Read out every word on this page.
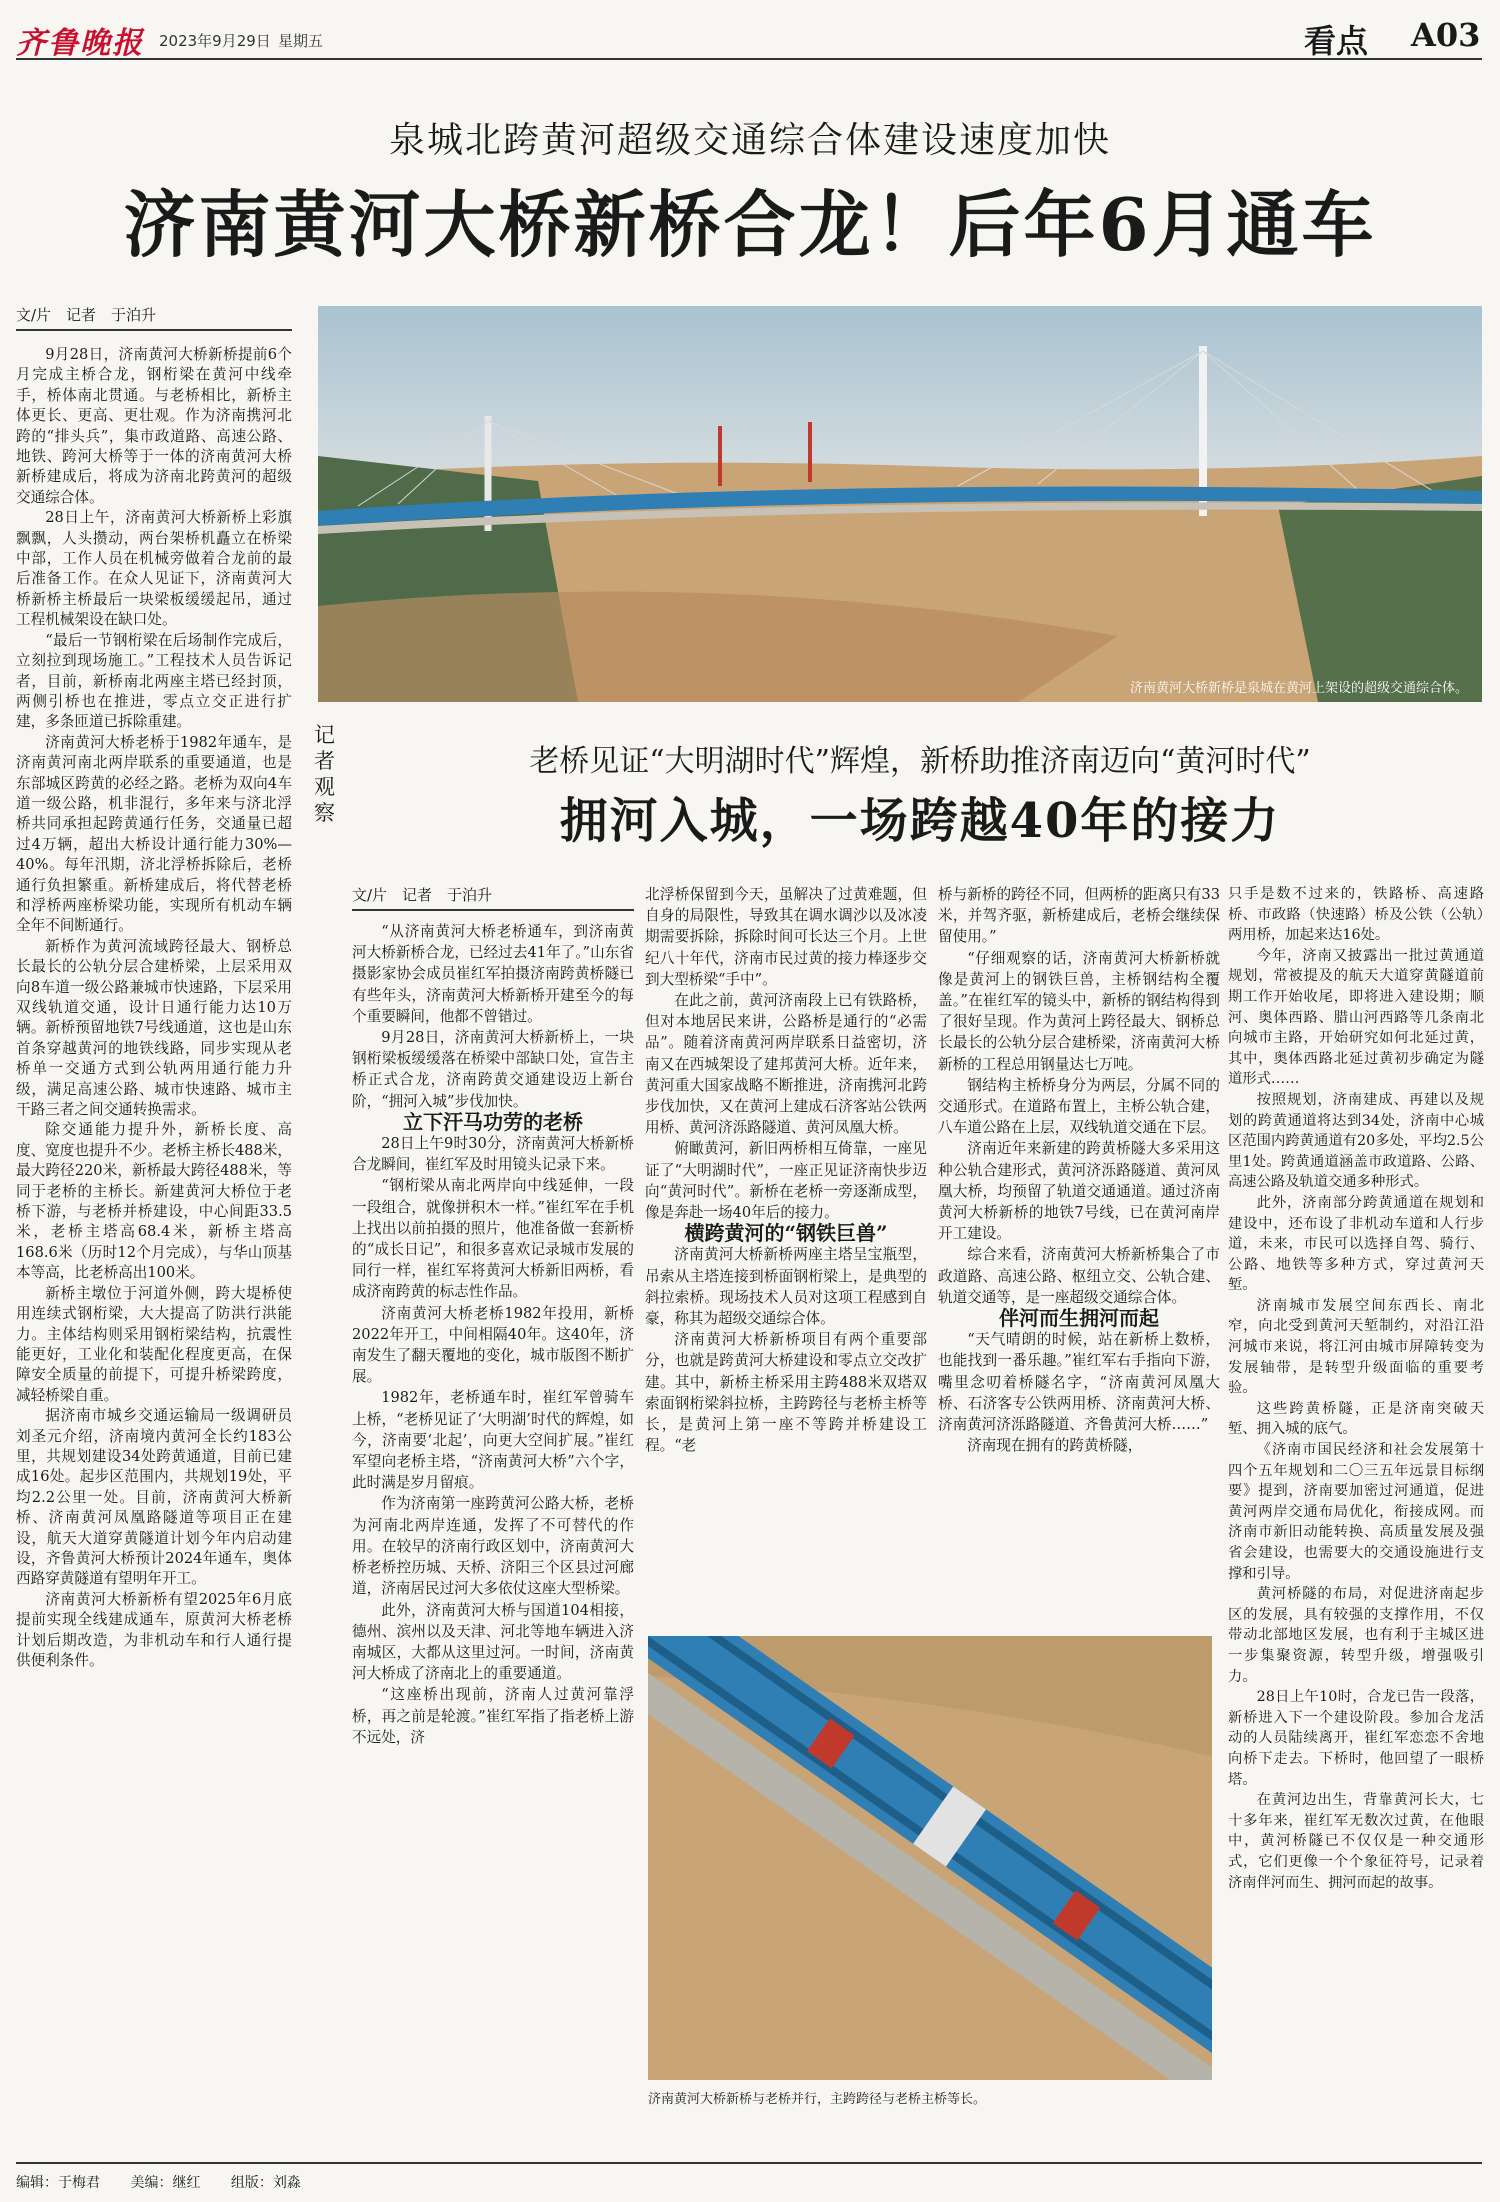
齐鲁晚报 2023年9月29日 星期五	看点 A03
泉城北跨黄河超级交通综合体建设速度加快
济南黄河大桥新桥合龙！后年6月通车
文/片　记者　于泊升

9月28日，济南黄河大桥新桥提前6个月完成主桥合龙，钢桁梁在黄河中线牵手，桥体南北贯通。与老桥相比，新桥主体更长、更高、更壮观。作为济南携河北跨的“排头兵”，集市政道路、高速公路、地铁、跨河大桥等于一体的济南黄河大桥新桥建成后，将成为济南北跨黄河的超级交通综合体。

28日上午，济南黄河大桥新桥上彩旗飘飘，人头攒动，两台架桥机矗立在桥梁中部，工作人员在机械旁做着合龙前的最后准备工作。在众人见证下，济南黄河大桥新桥主桥最后一块梁板缓缓起吊，通过工程机械架设在缺口处。

“最后一节钢桁梁在后场制作完成后，立刻拉到现场施工。”工程技术人员告诉记者，目前，新桥南北两座主塔已经封顶，两侧引桥也在推进，零点立交正进行扩建，多条匝道已拆除重建。

济南黄河大桥老桥于1982年通车，是济南黄河南北两岸联系的重要通道，也是东部城区跨黄的必经之路。老桥为双向4车道一级公路，机非混行，多年来与济北浮桥共同承担起跨黄通行任务，交通量已超过4万辆，超出大桥设计通行能力30%—40%。每年汛期，济北浮桥拆除后，老桥通行负担繁重。新桥建成后，将代替老桥和浮桥两座桥梁功能，实现所有机动车辆全年不间断通行。

新桥作为黄河流域跨径最大、钢桥总长最长的公轨分层合建桥梁，上层采用双向8车道一级公路兼城市快速路，下层采用双线轨道交通，设计日通行能力达10万辆。新桥预留地铁7号线通道，这也是山东首条穿越黄河的地铁线路，同步实现从老桥单一交通方式到公轨两用通行能力升级，满足高速公路、城市快速路、城市主干路三者之间交通转换需求。

除交通能力提升外，新桥长度、高度、宽度也提升不少。老桥主桥长488米，最大跨径220米，新桥最大跨径488米，等同于老桥的主桥长。新建黄河大桥位于老桥下游，与老桥并桥建设，中心间距33.5米，老桥主塔高68.4米，新桥主塔高168.6米（历时12个月完成），与华山顶基本等高，比老桥高出100米。

新桥主墩位于河道外侧，跨大堤桥使用连续式钢桁梁，大大提高了防洪行洪能力。主体结构则采用钢桁梁结构，抗震性能更好，工业化和装配化程度更高，在保障安全质量的前提下，可提升桥梁跨度，减轻桥梁自重。

据济南市城乡交通运输局一级调研员刘圣元介绍，济南境内黄河全长约183公里，共规划建设34处跨黄通道，目前已建成16处。起步区范围内，共规划19处，平均2.2公里一处。目前，济南黄河大桥新桥、济南黄河凤凰路隧道等项目正在建设，航天大道穿黄隧道计划今年内启动建设，齐鲁黄河大桥预计2024年通车，奥体西路穿黄隧道有望明年开工。

济南黄河大桥新桥有望2025年6月底提前实现全线建成通车，原黄河大桥老桥计划后期改造，为非机动车和行人通行提供便利条件。

济南黄河大桥新桥是泉城在黄河上架设的超级交通综合体。
记者观察
老桥见证“大明湖时代”辉煌，新桥助推济南迈向“黄河时代”
拥河入城，一场跨越40年的接力
文/片　记者　于泊升

“从济南黄河大桥老桥通车，到济南黄河大桥新桥合龙，已经过去41年了。”山东省摄影家协会成员崔红军拍摄济南跨黄桥隧已有些年头，济南黄河大桥新桥开建至今的每个重要瞬间，他都不曾错过。

9月28日，济南黄河大桥新桥上，一块钢桁梁板缓缓落在桥梁中部缺口处，宣告主桥正式合龙，济南跨黄交通建设迈上新台阶，“拥河入城”步伐加快。

立下汗马功劳的老桥

28日上午9时30分，济南黄河大桥新桥合龙瞬间，崔红军及时用镜头记录下来。

“钢桁梁从南北两岸向中线延伸，一段一段组合，就像拼积木一样。”崔红军在手机上找出以前拍摄的照片，他准备做一套新桥的“成长日记”，和很多喜欢记录城市发展的同行一样，崔红军将黄河大桥新旧两桥，看成济南跨黄的标志性作品。

济南黄河大桥老桥1982年投用，新桥2022年开工，中间相隔40年。这40年，济南发生了翻天覆地的变化，城市版图不断扩展。

1982年，老桥通车时，崔红军曾骑车上桥，“老桥见证了‘大明湖’时代的辉煌，如今，济南要‘北起’，向更大空间扩展。”崔红军望向老桥主塔，“济南黄河大桥”六个字，此时满是岁月留痕。

作为济南第一座跨黄河公路大桥，老桥为河南北两岸连通，发挥了不可替代的作用。在较早的济南行政区划中，济南黄河大桥老桥控历城、天桥、济阳三个区县过河廊道，济南居民过河大多依仗这座大型桥梁。

此外，济南黄河大桥与国道104相接，德州、滨州以及天津、河北等地车辆进入济南城区，大都从这里过河。一时间，济南黄河大桥成了济南北上的重要通道。

“这座桥出现前，济南人过黄河靠浮桥，再之前是轮渡。”崔红军指了指老桥上游不远处，济

北浮桥保留到今天，虽解决了过黄难题，但自身的局限性，导致其在调水调沙以及冰凌期需要拆除，拆除时间可长达三个月。上世纪八十年代，济南市民过黄的接力棒逐步交到大型桥梁“手中”。

在此之前，黄河济南段上已有铁路桥，但对本地居民来讲，公路桥是通行的“必需品”。随着济南黄河两岸联系日益密切，济南又在西城架设了建邦黄河大桥。近年来，黄河重大国家战略不断推进，济南携河北跨步伐加快，又在黄河上建成石济客站公铁两用桥、黄河济泺路隧道、黄河凤凰大桥。

俯瞰黄河，新旧两桥相互倚靠，一座见证了“大明湖时代”，一座正见证济南快步迈向“黄河时代”。新桥在老桥一旁逐渐成型，像是奔赴一场40年后的接力。

横跨黄河的“钢铁巨兽”

济南黄河大桥新桥两座主塔呈宝瓶型，吊索从主塔连接到桥面钢桁梁上，是典型的斜拉索桥。现场技术人员对这项工程感到自豪，称其为超级交通综合体。

济南黄河大桥新桥项目有两个重要部分，也就是跨黄河大桥建设和零点立交改扩建。其中，新桥主桥采用主跨488米双塔双索面钢桁梁斜拉桥，主跨跨径与老桥主桥等长，是黄河上第一座不等跨并桥建设工程。“老

桥与新桥的跨径不同，但两桥的距离只有33米，并驾齐驱，新桥建成后，老桥会继续保留使用。”

“仔细观察的话，济南黄河大桥新桥就像是黄河上的钢铁巨兽，主桥钢结构全覆盖。”在崔红军的镜头中，新桥的钢结构得到了很好呈现。作为黄河上跨径最大、钢桥总长最长的公轨分层合建桥梁，济南黄河大桥新桥的工程总用钢量达七万吨。

钢结构主桥桥身分为两层，分属不同的交通形式。在道路布置上，主桥公轨合建，八车道公路在上层，双线轨道交通在下层。

济南近年来新建的跨黄桥隧大多采用这种公轨合建形式，黄河济泺路隧道、黄河凤凰大桥，均预留了轨道交通通道。通过济南黄河大桥新桥的地铁7号线，已在黄河南岸开工建设。

综合来看，济南黄河大桥新桥集合了市政道路、高速公路、枢纽立交、公轨合建、轨道交通等，是一座超级交通综合体。

伴河而生拥河而起

“天气晴朗的时候，站在新桥上数桥，也能找到一番乐趣。”崔红军右手指向下游，嘴里念叨着桥隧名字，“济南黄河凤凰大桥、石济客专公铁两用桥、济南黄河大桥、济南黄河济泺路隧道、齐鲁黄河大桥……”

济南现在拥有的跨黄桥隧，

只手是数不过来的，铁路桥、高速路桥、市政路（快速路）桥及公铁（公轨）两用桥，加起来达16处。

今年，济南又披露出一批过黄通道规划，常被提及的航天大道穿黄隧道前期工作开始收尾，即将进入建设期；顺河、奥体西路、腊山河西路等几条南北向城市主路，开始研究如何北延过黄，其中，奥体西路北延过黄初步确定为隧道形式……

按照规划，济南建成、再建以及规划的跨黄通道将达到34处，济南中心城区范围内跨黄通道有20多处，平均2.5公里1处。跨黄通道涵盖市政道路、公路、高速公路及轨道交通多种形式。

此外，济南部分跨黄通道在规划和建设中，还布设了非机动车道和人行步道，未来，市民可以选择自驾、骑行、公路、地铁等多种方式，穿过黄河天堑。

济南城市发展空间东西长、南北窄，向北受到黄河天堑制约，对沿江沿河城市来说，将江河由城市屏障转变为发展轴带，是转型升级面临的重要考验。

这些跨黄桥隧，正是济南突破天堑、拥入城的底气。

《济南市国民经济和社会发展第十四个五年规划和二〇三五年远景目标纲要》提到，济南要加密过河通道，促进黄河两岸交通布局优化，衔接成网。而济南市新旧动能转换、高质量发展及强省会建设，也需要大的交通设施进行支撑和引导。

黄河桥隧的布局，对促进济南起步区的发展，具有较强的支撑作用，不仅带动北部地区发展，也有利于主城区进一步集聚资源，转型升级，增强吸引力。

28日上午10时，合龙已告一段落，新桥进入下一个建设阶段。参加合龙活动的人员陆续离开，崔红军恋恋不舍地向桥下走去。下桥时，他回望了一眼桥塔。

在黄河边出生，背靠黄河长大，七十多年来，崔红军无数次过黄，在他眼中，黄河桥隧已不仅仅是一种交通形式，它们更像一个个象征符号，记录着济南伴河而生、拥河而起的故事。

济南黄河大桥新桥与老桥并行，主跨跨径与老桥主桥等长。
编辑：于梅君 美编：继红 组版：刘淼
